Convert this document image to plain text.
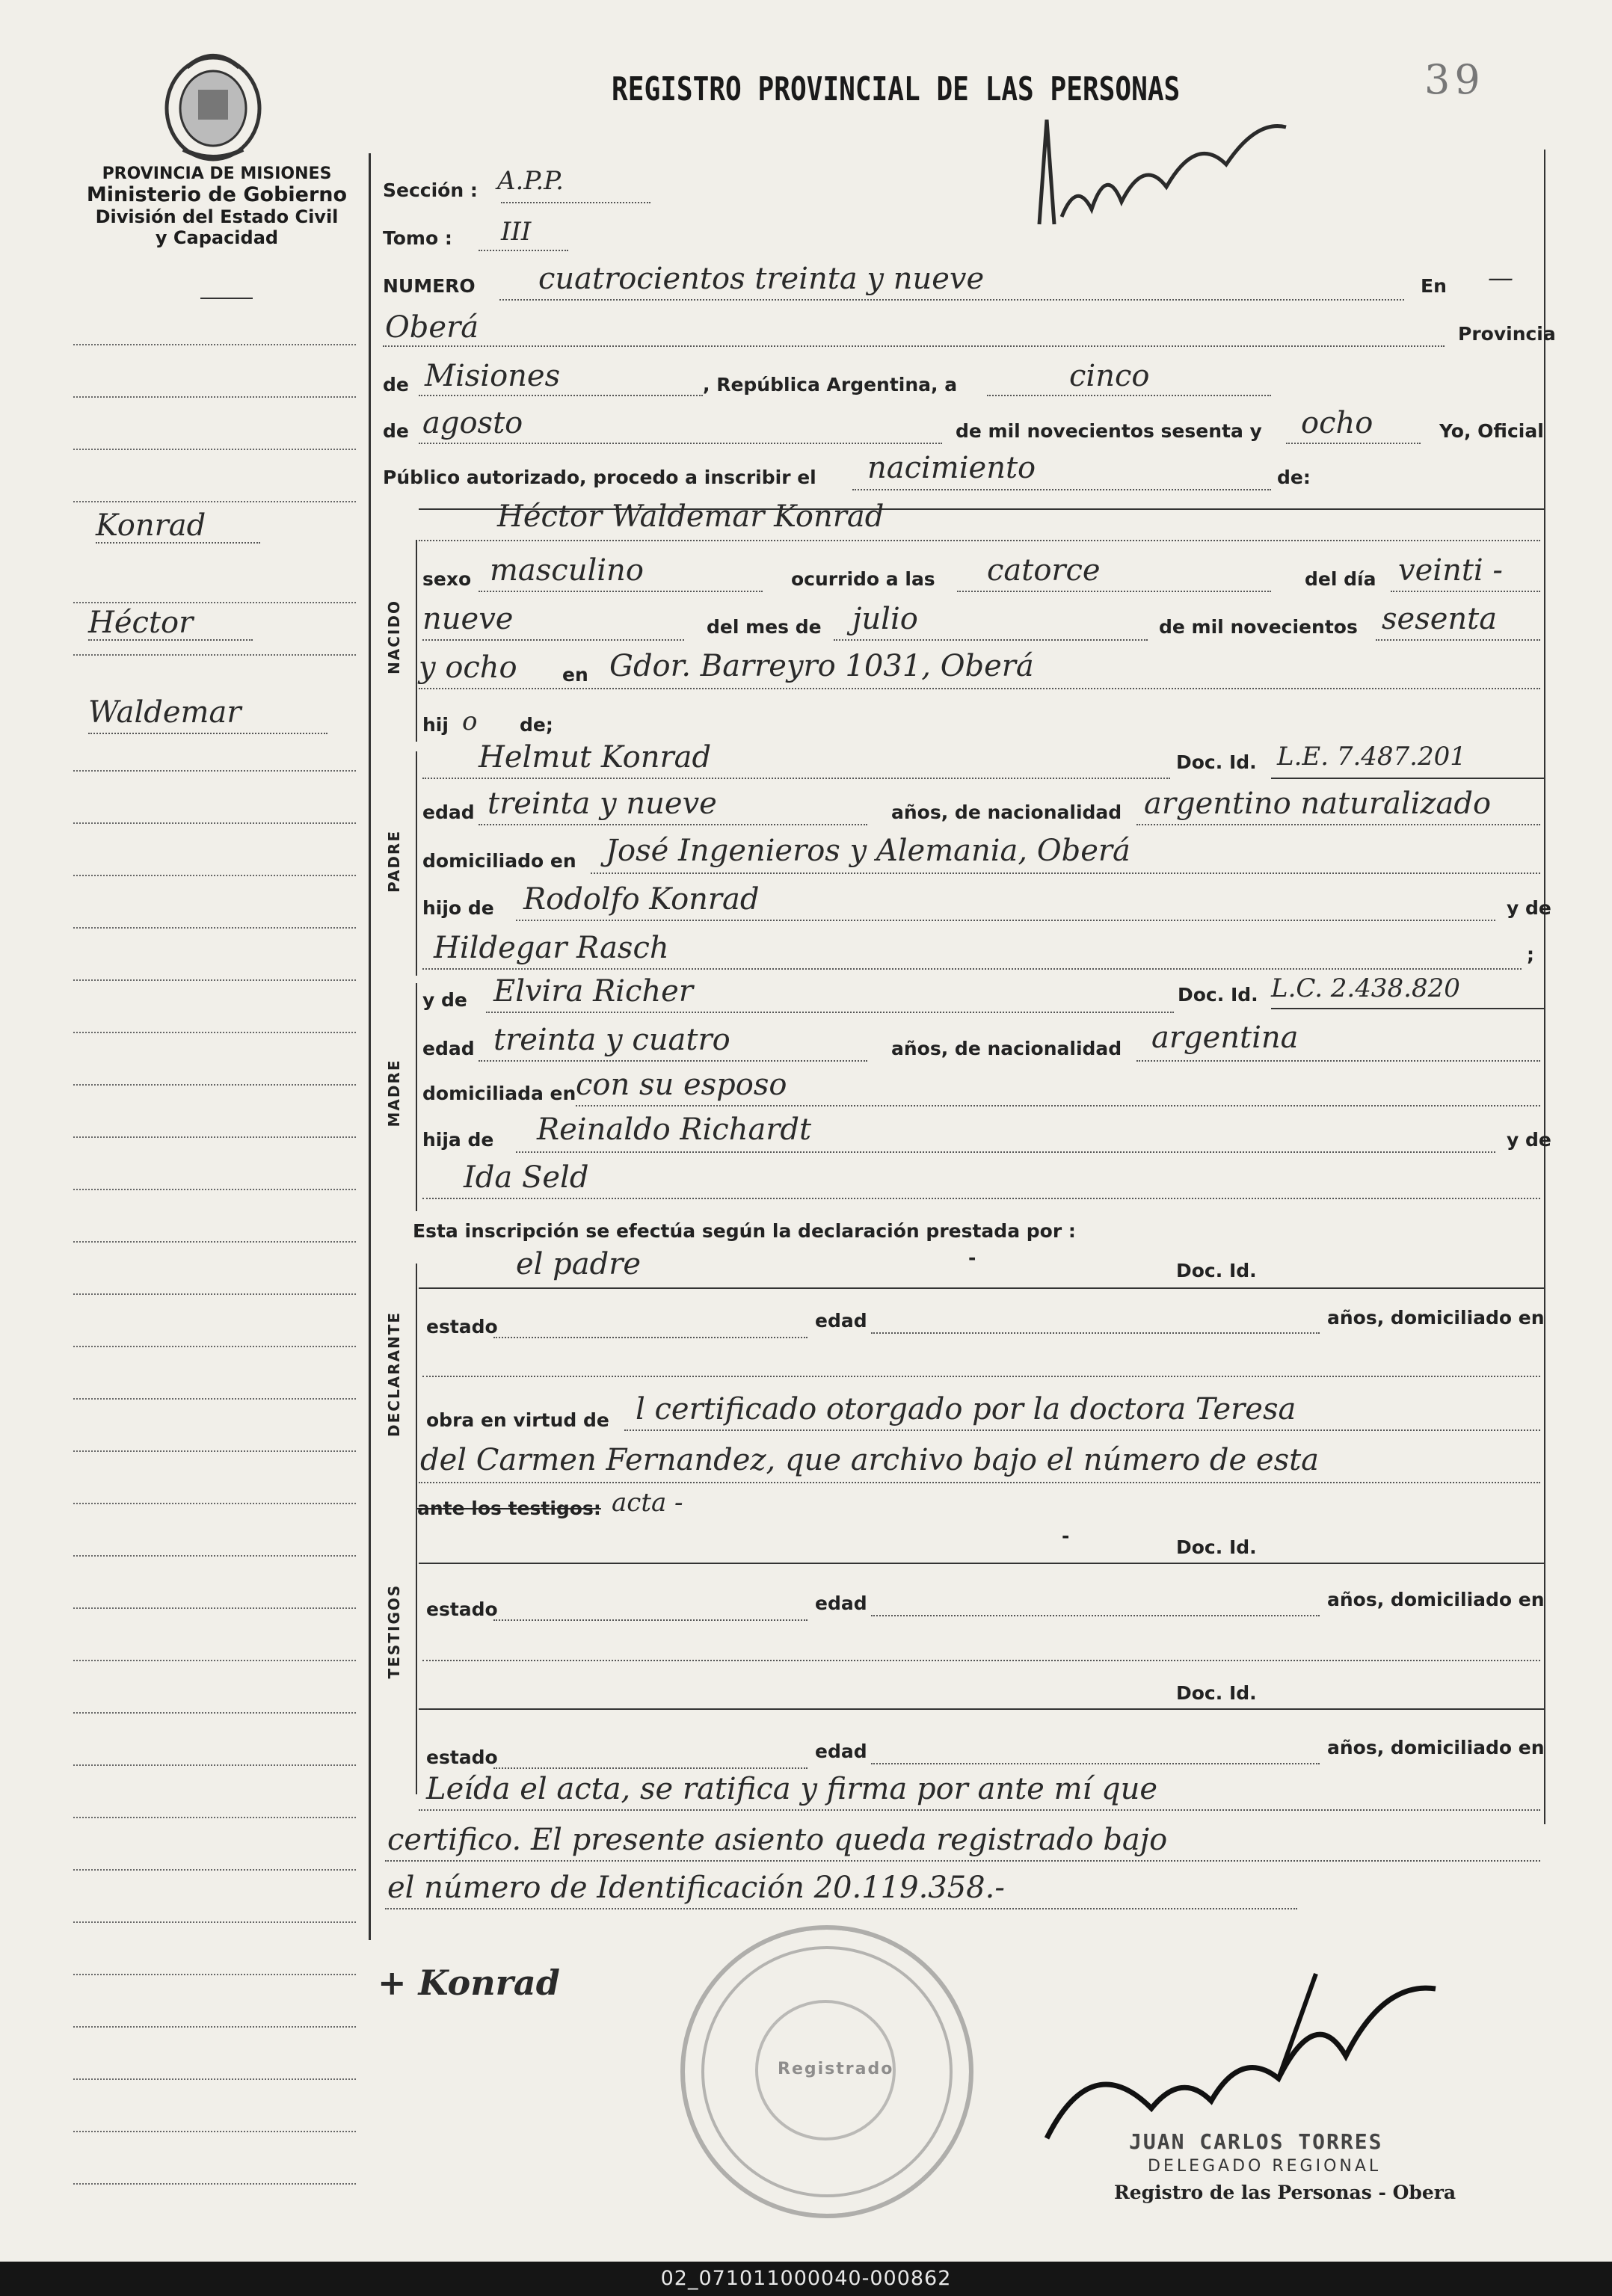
PROVINCIA DE MISIONES
Ministerio de Gobierno
División del Estado Civil
y Capacidad
REGISTRO PROVINCIAL DE LAS PERSONAS	39
Konrad
Héctor
Waldemar
Sección : A.P.P.
Tomo : III
NUMERO cuatrocientos treinta y nueve	En —
Oberá	Provincia
de Misiones	, República Argentina, a	cinco
de agosto	de mil novecientos sesenta y ocho	Yo, Oficial
Público autorizado, procedo a inscribir el nacimiento	de:
Héctor Waldemar Konrad
NACIDO
sexo masculino	ocurrido a las catorce	del día veinti -
nueve	del mes de julio	de mil novecientos sesenta
y ocho en Gdor. Barreyro 1031, Oberá
hij o de;
PADRE
Helmut Konrad	Doc. Id. L.E. 7.487.201
edad treinta y nueve	años, de nacionalidad argentino naturalizado
domiciliado en José Ingenieros y Alemania, Oberá
hijo de Rodolfo Konrad	y de
Hildegar Rasch	;
MADRE
y de Elvira Richer	Doc. Id. L.C. 2.438.820
edad treinta y cuatro	años, de nacionalidad argentina
domiciliada en con su esposo
hija de Reinaldo Richardt	y de
Ida Seld
Esta inscripción se efectúa según la declaración prestada por :
DECLARANTE
el padre	-
Doc. Id.
estado	edad	años, domiciliado en
obra en virtud de l certificado otorgado por la doctora Teresa
del Carmen Fernandez, que archivo bajo el número de esta
ante los testigos: acta -
TESTIGOS
-
Doc. Id.
estado	edad	años, domiciliado en
Doc. Id.
estado	edad	años, domiciliado en
Leída el acta, se ratifica y firma por ante mí que
certifico. El presente asiento queda registrado bajo
el número de Identificación 20.119.358.-
+ Konrad
Registrado
JUAN CARLOS TORRES
DELEGADO REGIONAL
Registro de las Personas - Obera
02_071011000040-000862
